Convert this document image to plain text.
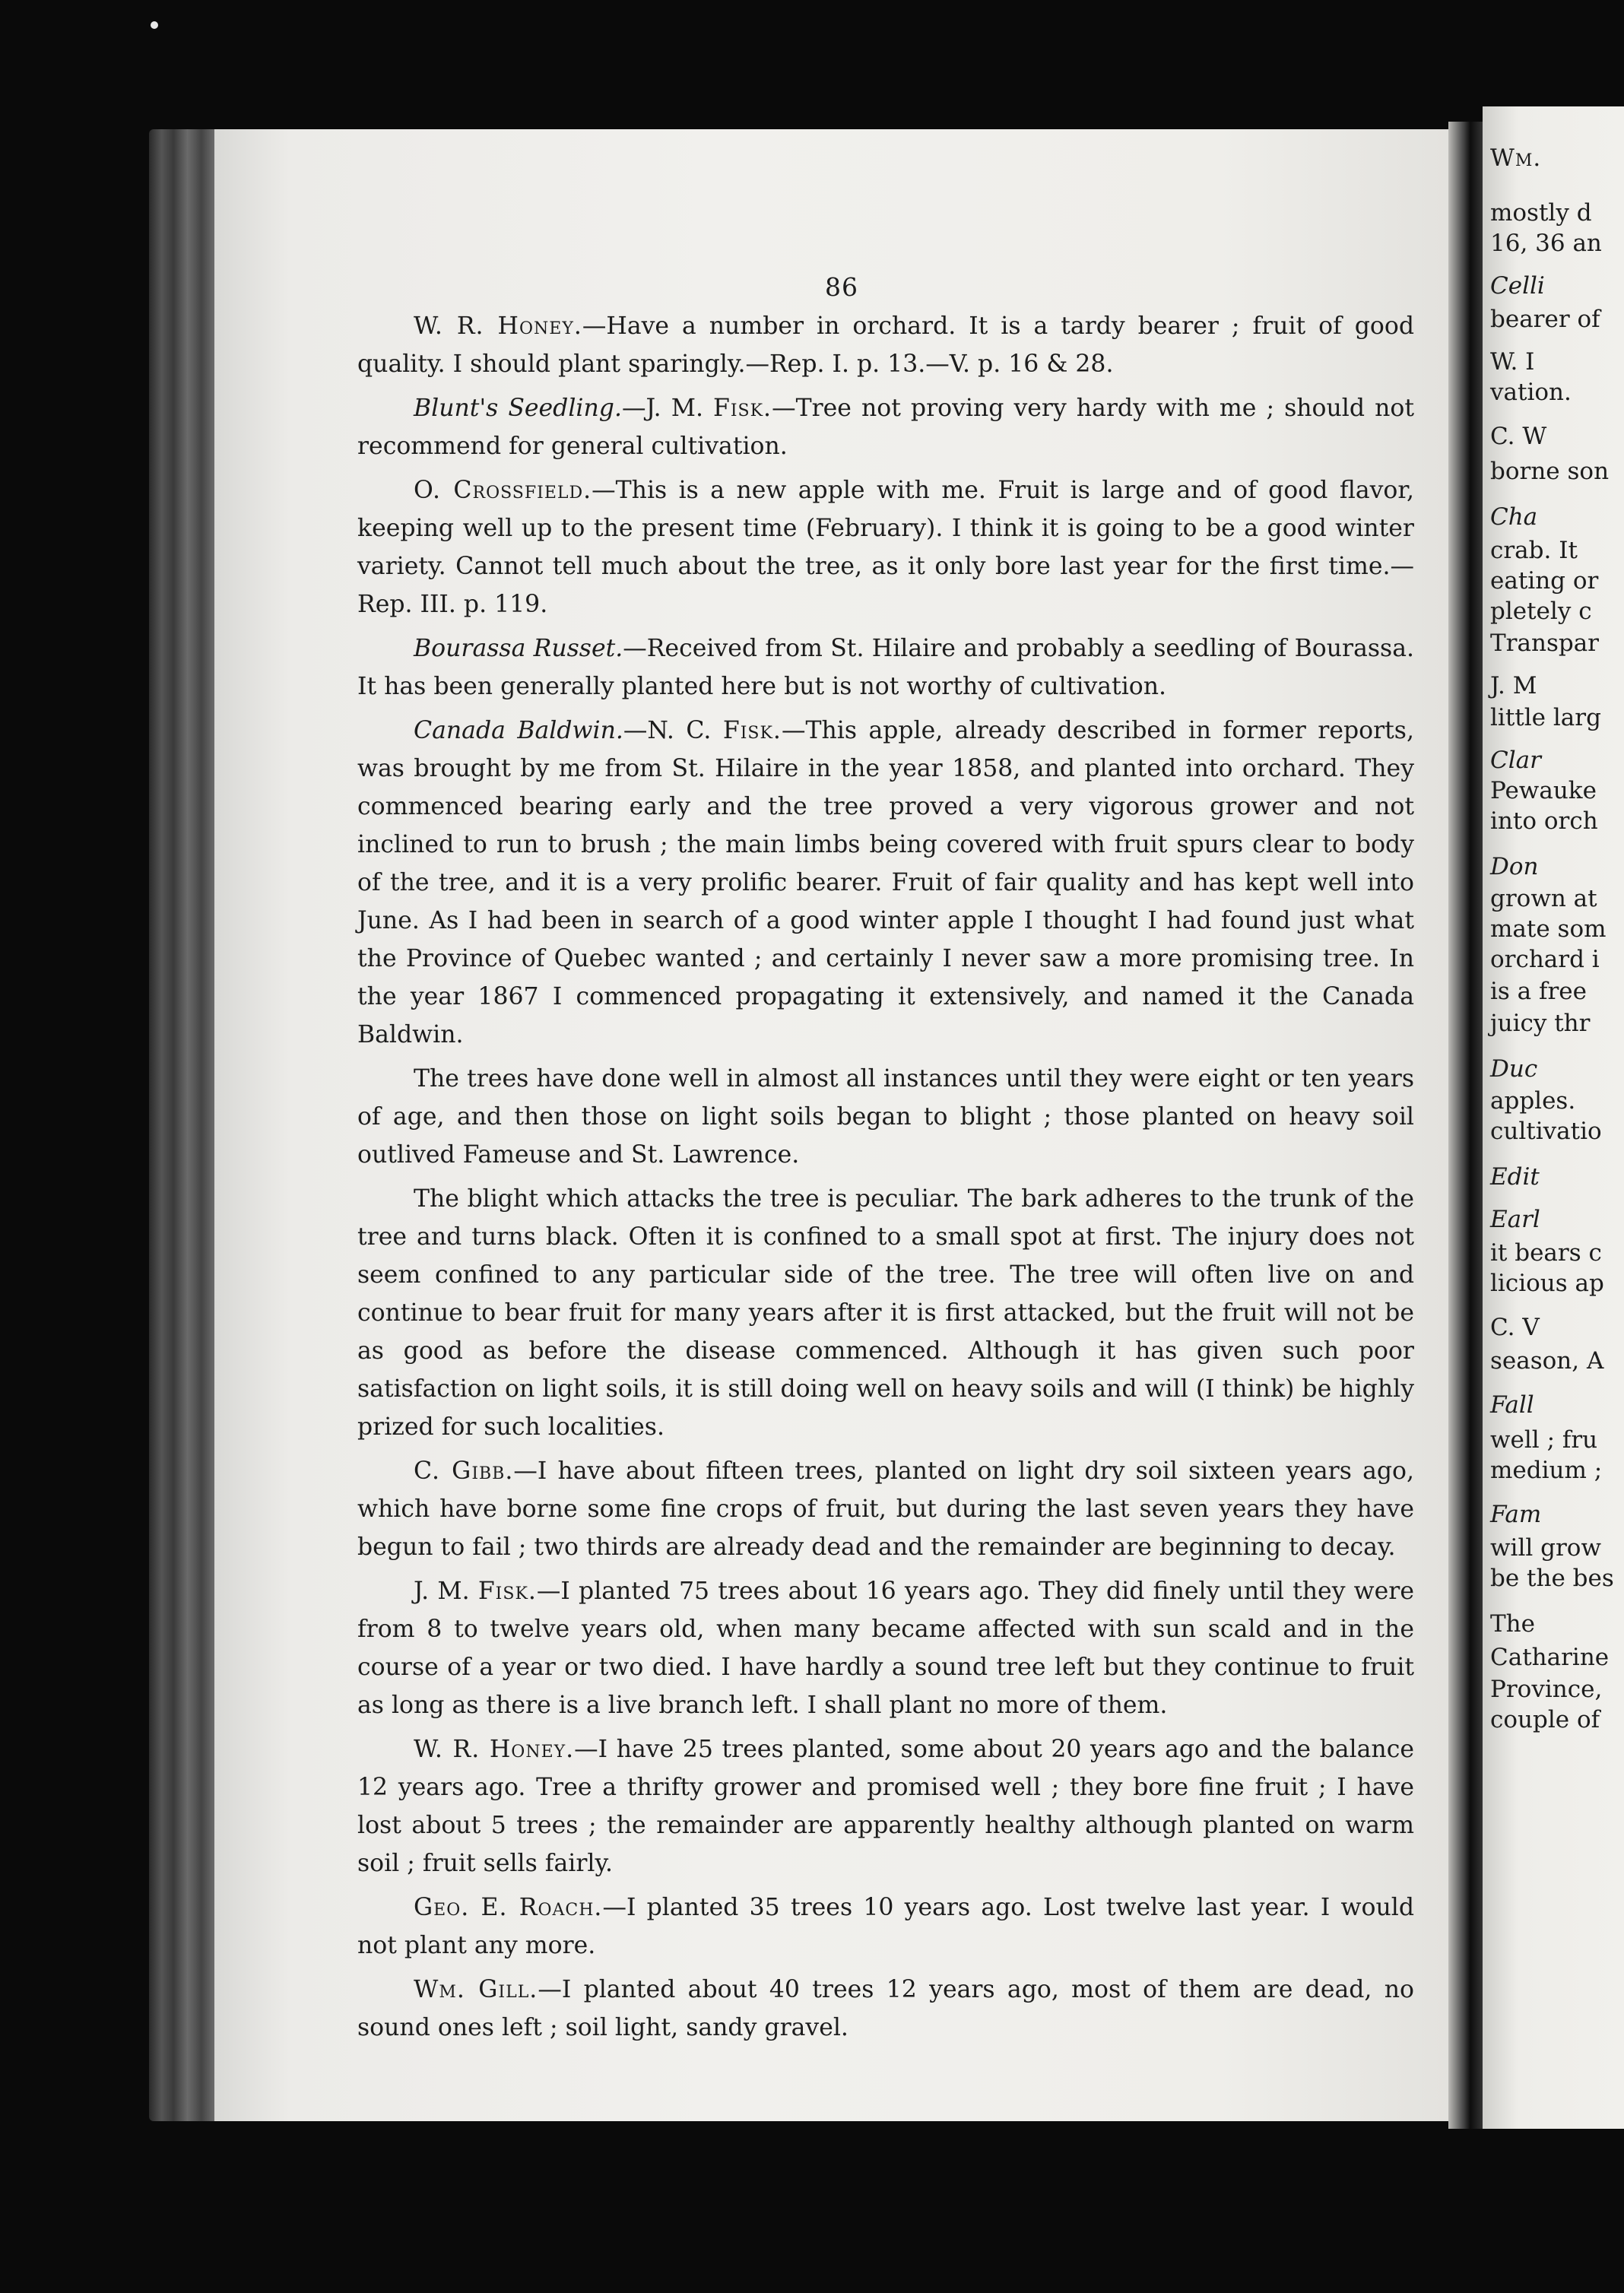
86

W. R. Honey.—Have a number in orchard. It is a tardy bearer ; fruit of good quality. I should plant sparingly.—Rep. I. p. 13.—V. p. 16 & 28.

Blunt's Seedling.—J. M. Fisk.—Tree not proving very hardy with me ; should not recommend for general cultivation.

O. Crossfield.—This is a new apple with me. Fruit is large and of good flavor, keeping well up to the present time (February). I think it is going to be a good winter variety. Cannot tell much about the tree, as it only bore last year for the first time.—Rep. III. p. 119.

Bourassa Russet.—Received from St. Hilaire and probably a seedling of Bourassa. It has been generally planted here but is not worthy of cultivation.

Canada Baldwin.—N. C. Fisk.—This apple, already described in former reports, was brought by me from St. Hilaire in the year 1858, and planted into orchard. They commenced bearing early and the tree proved a very vigorous grower and not inclined to run to brush ; the main limbs being covered with fruit spurs clear to body of the tree, and it is a very prolific bearer. Fruit of fair quality and has kept well into June. As I had been in search of a good winter apple I thought I had found just what the Province of Quebec wanted ; and certainly I never saw a more promising tree. In the year 1867 I commenced propagating it extensively, and named it the Canada Baldwin.

The trees have done well in almost all instances until they were eight or ten years of age, and then those on light soils began to blight ; those planted on heavy soil outlived Fameuse and St. Lawrence.

The blight which attacks the tree is peculiar. The bark adheres to the trunk of the tree and turns black. Often it is confined to a small spot at first. The injury does not seem confined to any particular side of the tree. The tree will often live on and continue to bear fruit for many years after it is first attacked, but the fruit will not be as good as before the disease commenced. Although it has given such poor satisfaction on light soils, it is still doing well on heavy soils and will (I think) be highly prized for such localities.

C. Gibb.—I have about fifteen trees, planted on light dry soil sixteen years ago, which have borne some fine crops of fruit, but during the last seven years they have begun to fail ; two thirds are already dead and the remainder are beginning to decay.

J. M. Fisk.—I planted 75 trees about 16 years ago. They did finely until they were from 8 to twelve years old, when many became affected with sun scald and in the course of a year or two died. I have hardly a sound tree left but they continue to fruit as long as there is a live branch left. I shall plant no more of them.

W. R. Honey.—I have 25 trees planted, some about 20 years ago and the balance 12 years ago. Tree a thrifty grower and promised well ; they bore fine fruit ; I have lost about 5 trees ; the remainder are apparently healthy although planted on warm soil ; fruit sells fairly.

Geo. E. Roach.—I planted 35 trees 10 years ago. Lost twelve last year. I would not plant any more.

Wm. Gill.—I planted about 40 trees 12 years ago, most of them are dead, no sound ones left ; soil light, sandy gravel.

Wm.
mostly d
16, 36 an
Celli
bearer of
W. I
vation.
C. W
borne son
Cha
crab. It
eating or
pletely c
Transpar
J. M
little larg
Clar
Pewauke
into orch
Don
grown at
mate som
orchard i
is a free
juicy thr
Duc
apples.
cultivatio
Edit
Earl
it bears c
licious ap
C. V
season, A
Fall
well ; fru
medium ;
Fam
will grow
be the bes
The
Catharine
Province,
couple of
